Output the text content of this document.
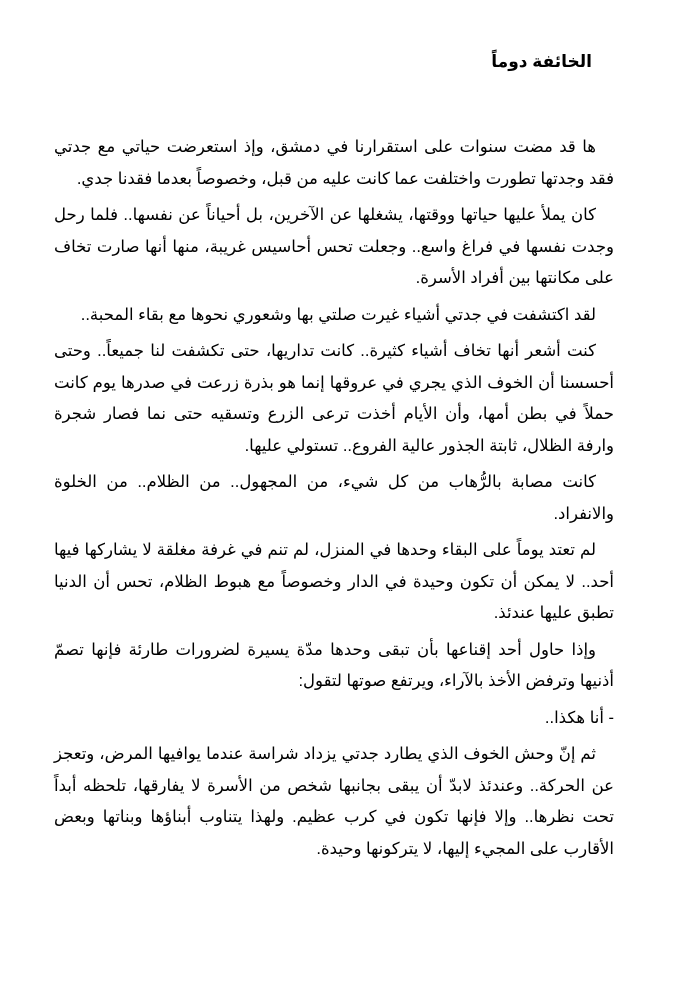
الخائفة دوماً

ها قد مضت سنوات على استقرارنا في دمشق، وإذ استعرضت حياتي مع جدتي فقد وجدتها تطورت واختلفت عما كانت عليه من قبل، وخصوصاً بعدما فقدنا جدي.

كان يملأ عليها حياتها ووقتها، يشغلها عن الآخرين، بل أحياناً عن نفسها.. فلما رحل وجدت نفسها في فراغ واسع.. وجعلت تحس أحاسيس غريبة، منها أنها صارت تخاف على مكانتها بين أفراد الأسرة.

لقد اكتشفت في جدتي أشياء غيرت صلتي بها وشعوري نحوها مع بقاء المحبة..

كنت أشعر أنها تخاف أشياء كثيرة.. كانت تداريها، حتى تكشفت لنا جميعاً.. وحتى أحسسنا أن الخوف الذي يجري في عروقها إنما هو بذرة زرعت في صدرها يوم كانت حملاً في بطن أمها، وأن الأيام أخذت ترعى الزرع وتسقيه حتى نما فصار شجرة وارفة الظلال، ثابتة الجذور عالية الفروع.. تستولي عليها.

كانت مصابة بالرُّهاب من كل شيء، من المجهول.. من الظلام.. من الخلوة والانفراد.

لم تعتد يوماً على البقاء وحدها في المنزل، لم تنم في غرفة مغلقة لا يشاركها فيها أحد.. لا يمكن أن تكون وحيدة في الدار وخصوصاً مع هبوط الظلام، تحس أن الدنيا تطبق عليها عندئذ.

وإذا حاول أحد إقناعها بأن تبقى وحدها مدّة يسيرة لضرورات طارئة فإنها تصمّ أذنيها وترفض الأخذ بالآراء، ويرتفع صوتها لتقول:

- أنا هكذا..

ثم إنّ وحش الخوف الذي يطارد جدتي يزداد شراسة عندما يوافيها المرض، وتعجز عن الحركة.. وعندئذ لابدّ أن يبقى بجانبها شخص من الأسرة لا يفارقها، تلحظه أبداً تحت نظرها.. وإلا فإنها تكون في كرب عظيم. ولهذا يتناوب أبناؤها وبناتها وبعض الأقارب على المجيء إليها، لا يتركونها وحيدة.
